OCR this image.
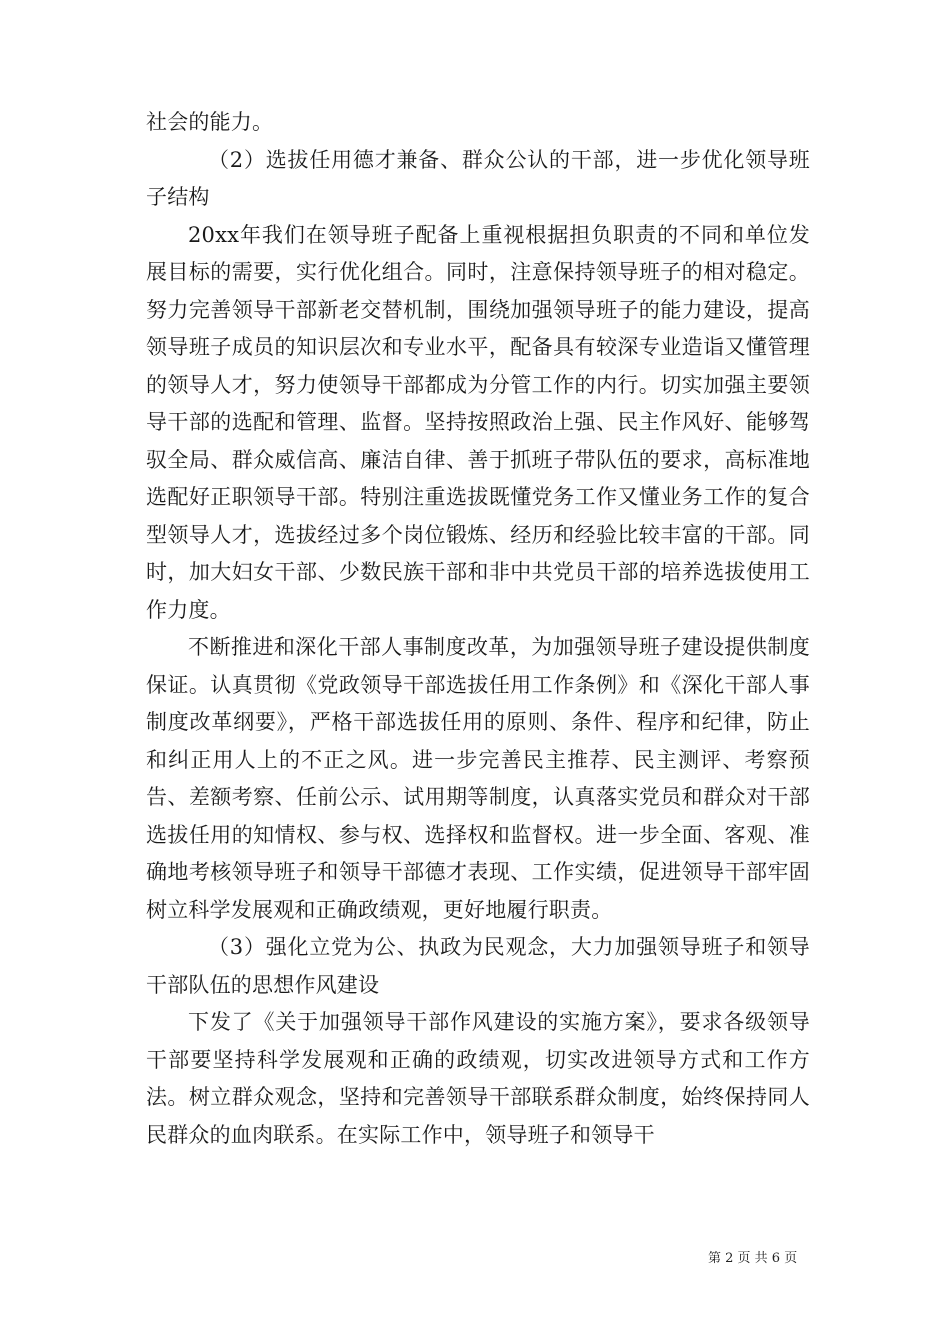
社会的能力。

（2）选拔任用德才兼备、群众公认的干部，进一步优化领导班子结构

20xx年我们在领导班子配备上重视根据担负职责的不同和单位发展目标的需要，实行优化组合。同时，注意保持领导班子的相对稳定。努力完善领导干部新老交替机制，围绕加强领导班子的能力建设，提高领导班子成员的知识层次和专业水平，配备具有较深专业造诣又懂管理的领导人才，努力使领导干部都成为分管工作的内行。切实加强主要领导干部的选配和管理、监督。坚持按照政治上强、民主作风好、能够驾驭全局、群众威信高、廉洁自律、善于抓班子带队伍的要求，高标准地选配好正职领导干部。特别注重选拔既懂党务工作又懂业务工作的复合型领导人才，选拔经过多个岗位锻炼、经历和经验比较丰富的干部。同时，加大妇女干部、少数民族干部和非中共党员干部的培养选拔使用工作力度。

不断推进和深化干部人事制度改革，为加强领导班子建设提供制度保证。认真贯彻《党政领导干部选拔任用工作条例》和《深化干部人事制度改革纲要》，严格干部选拔任用的原则、条件、程序和纪律，防止和纠正用人上的不正之风。进一步完善民主推荐、民主测评、考察预告、差额考察、任前公示、试用期等制度，认真落实党员和群众对干部选拔任用的知情权、参与权、选择权和监督权。进一步全面、客观、准确地考核领导班子和领导干部德才表现、工作实绩，促进领导干部牢固树立科学发展观和正确政绩观，更好地履行职责。

（3）强化立党为公、执政为民观念，大力加强领导班子和领导干部队伍的思想作风建设

下发了《关于加强领导干部作风建设的实施方案》，要求各级领导干部要坚持科学发展观和正确的政绩观，切实改进领导方式和工作方法。树立群众观念，坚持和完善领导干部联系群众制度，始终保持同人民群众的血肉联系。在实际工作中，领导班子和领导干

第 2 页 共 6 页
